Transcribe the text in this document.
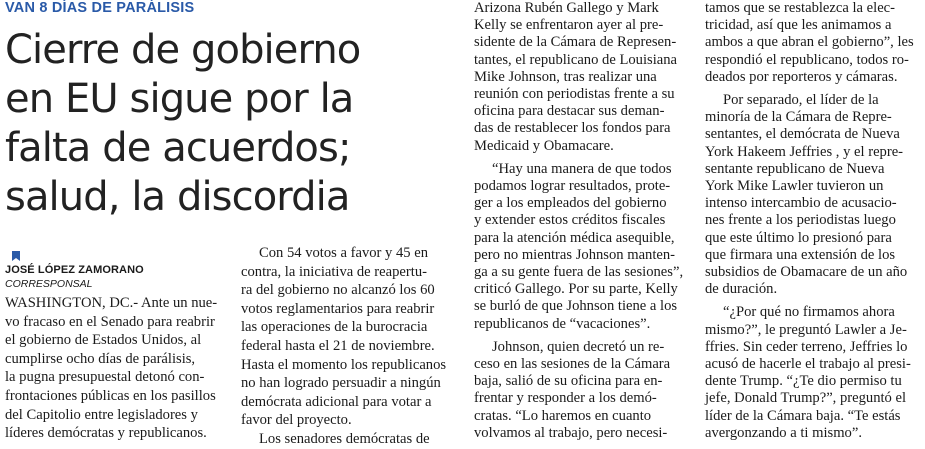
VAN 8 DÍAS DE PARÁLISIS
Cierre de gobierno
en EU sigue por la
falta de acuerdos;
salud, la discordia
JOSÉ LÓPEZ ZAMORANO
CORRESPONSAL
WASHINGTON, DC.- Ante un nue-
vo fracaso en el Senado para reabrir
el gobierno de Estados Unidos, al
cumplirse ocho días de parálisis,
la pugna presupuestal detonó con-
frontaciones públicas en los pasillos
del Capitolio entre legisladores y
líderes demócratas y republicanos.
Con 54 votos a favor y 45 en
contra, la iniciativa de reapertu-
ra del gobierno no alcanzó los 60
votos reglamentarios para reabrir
las operaciones de la burocracia
federal hasta el 21 de noviembre.
Hasta el momento los republicanos
no han logrado persuadir a ningún
demócrata adicional para votar a
favor del proyecto.
Los senadores demócratas de
Arizona Rubén Gallego y Mark
Kelly se enfrentaron ayer al pre-
sidente de la Cámara de Represen-
tantes, el republicano de Louisiana
Mike Johnson, tras realizar una
reunión con periodistas frente a su
oficina para destacar sus deman-
das de restablecer los fondos para
Medicaid y Obamacare.
“Hay una manera de que todos
podamos lograr resultados, prote-
ger a los empleados del gobierno
y extender estos créditos fiscales
para la atención médica asequible,
pero no mientras Johnson manten-
ga a su gente fuera de las sesiones”,
criticó Gallego. Por su parte, Kelly
se burló de que Johnson tiene a los
republicanos de “vacaciones”.
Johnson, quien decretó un re-
ceso en las sesiones de la Cámara
baja, salió de su oficina para en-
frentar y responder a los demó-
cratas. “Lo haremos en cuanto
volvamos al trabajo, pero necesi-
tamos que se restablezca la elec-
tricidad, así que les animamos a
ambos a que abran el gobierno”, les
respondió el republicano, todos ro-
deados por reporteros y cámaras.
Por separado, el líder de la
minoría de la Cámara de Repre-
sentantes, el demócrata de Nueva
York Hakeem Jeffries , y el repre-
sentante republicano de Nueva
York Mike Lawler tuvieron un
intenso intercambio de acusacio-
nes frente a los periodistas luego
que este último lo presionó para
que firmara una extensión de los
subsidios de Obamacare de un año
de duración.
“¿Por qué no firmamos ahora
mismo?”, le preguntó Lawler a Je-
ffries. Sin ceder terreno, Jeffries lo
acusó de hacerle el trabajo al presi-
dente Trump. “¿Te dio permiso tu
jefe, Donald Trump?”, preguntó el
líder de la Cámara baja. “Te estás
avergonzando a ti mismo”.
